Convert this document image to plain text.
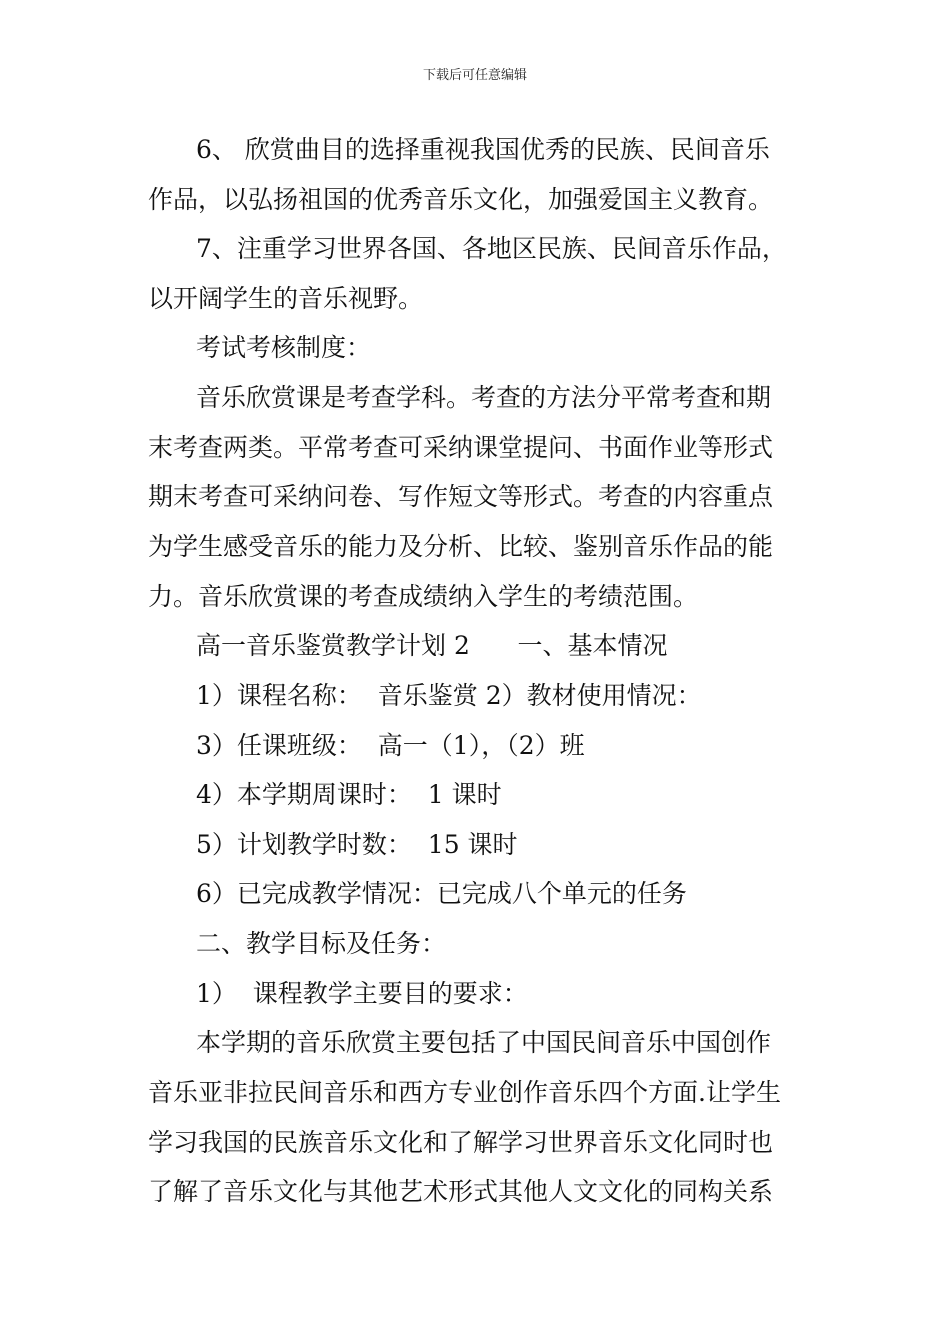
下载后可任意编辑
6、 欣赏曲目的选择重视我国优秀的民族、民间音乐
作品，以弘扬祖国的优秀音乐文化，加强爱国主义教育。
7、注重学习世界各国、各地区民族、民间音乐作品，
以开阔学生的音乐视野。
考试考核制度：
音乐欣赏课是考查学科。考查的方法分平常考查和期
末考查两类。平常考查可采纳课堂提问、书面作业等形式
期末考查可采纳问卷、写作短文等形式。考查的内容重点
为学生感受音乐的能力及分析、比较、鉴别音乐作品的能
力。音乐欣赏课的考查成绩纳入学生的考绩范围。
高一音乐鉴赏教学计划 2      一、基本情况
1）课程名称：  音乐鉴赏 2）教材使用情况：
3）任课班级：  高一（1），（2）班
4）本学期周课时：  1 课时
5）计划教学时数：  15 课时
6）已完成教学情况：已完成八个单元的任务
二、教学目标及任务：
1）  课程教学主要目的要求：
本学期的音乐欣赏主要包括了中国民间音乐中国创作
音乐亚非拉民间音乐和西方专业创作音乐四个方面.让学生
学习我国的民族音乐文化和了解学习世界音乐文化同时也
了解了音乐文化与其他艺术形式其他人文文化的同构关系
